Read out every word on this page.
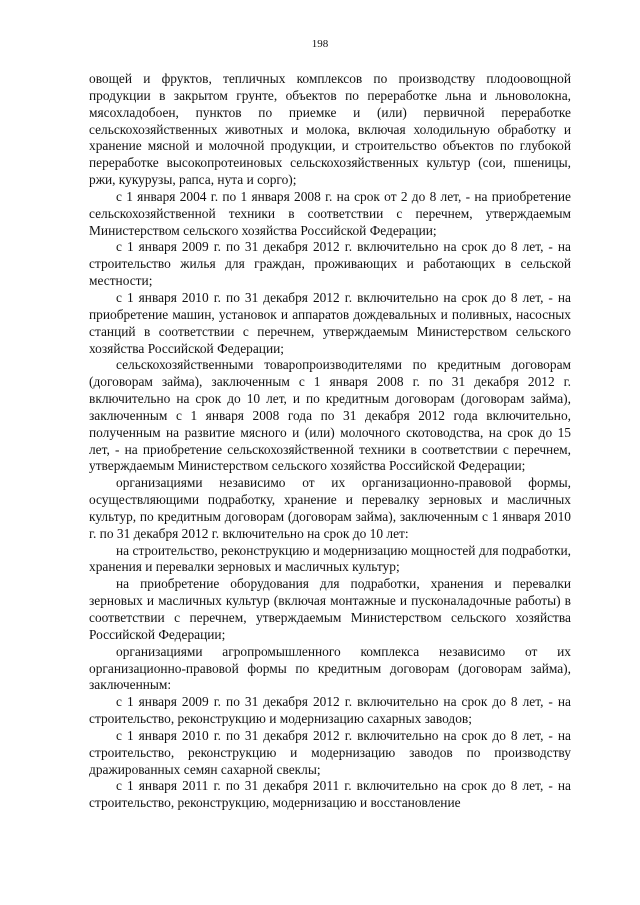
198

овощей и фруктов, тепличных комплексов по производству плодоовощной продукции в закрытом грунте, объектов по переработке льна и льноволокна, мясохладобоен, пунктов по приемке и (или) первичной переработке сельскохозяйственных животных и молока, включая холодильную обработку и хранение мясной и молочной продукции, и строительство объектов по глубокой переработке высокопротеиновых сельскохозяйственных культур (сои, пшеницы, ржи, кукурузы, рапса, нута и сорго);

с 1 января 2004 г. по 1 января 2008 г. на срок от 2 до 8 лет, - на приобретение сельскохозяйственной техники в соответствии с перечнем, утверждаемым Министерством сельского хозяйства Российской Федерации;

с 1 января 2009 г. по 31 декабря 2012 г. включительно на срок до 8 лет, - на строительство жилья для граждан, проживающих и работающих в сельской местности;

с 1 января 2010 г. по 31 декабря 2012 г. включительно на срок до 8 лет, - на приобретение машин, установок и аппаратов дождевальных и поливных, насосных станций в соответствии с перечнем, утверждаемым Министерством сельского хозяйства Российской Федерации;

сельскохозяйственными товаропроизводителями по кредитным договорам (договорам займа), заключенным с 1 января 2008 г. по 31 декабря 2012 г. включительно на срок до 10 лет, и по кредитным договорам (договорам займа), заключенным с 1 января 2008 года по 31 декабря 2012 года включительно, полученным на развитие мясного и (или) молочного скотоводства, на срок до 15 лет, - на приобретение сельскохозяйственной техники в соответствии с перечнем, утверждаемым Министерством сельского хозяйства Российской Федерации;

организациями независимо от их организационно-правовой формы, осуществляющими подработку, хранение и перевалку зерновых и масличных культур, по кредитным договорам (договорам займа), заключенным с 1 января 2010 г. по 31 декабря 2012 г. включительно на срок до 10 лет:

на строительство, реконструкцию и модернизацию мощностей для подработки, хранения и перевалки зерновых и масличных культур;

на приобретение оборудования для подработки, хранения и перевалки зерновых и масличных культур (включая монтажные и пусконаладочные работы) в соответствии с перечнем, утверждаемым Министерством сельского хозяйства Российской Федерации;

организациями агропромышленного комплекса независимо от их организационно-правовой формы по кредитным договорам (договорам займа), заключенным:

с 1 января 2009 г. по 31 декабря 2012 г. включительно на срок до 8 лет, - на строительство, реконструкцию и модернизацию сахарных заводов;

с 1 января 2010 г. по 31 декабря 2012 г. включительно на срок до 8 лет, - на строительство, реконструкцию и модернизацию заводов по производству дражированных семян сахарной свеклы;

с 1 января 2011 г. по 31 декабря 2011 г. включительно на срок до 8 лет, - на строительство, реконструкцию, модернизацию и восстановление
